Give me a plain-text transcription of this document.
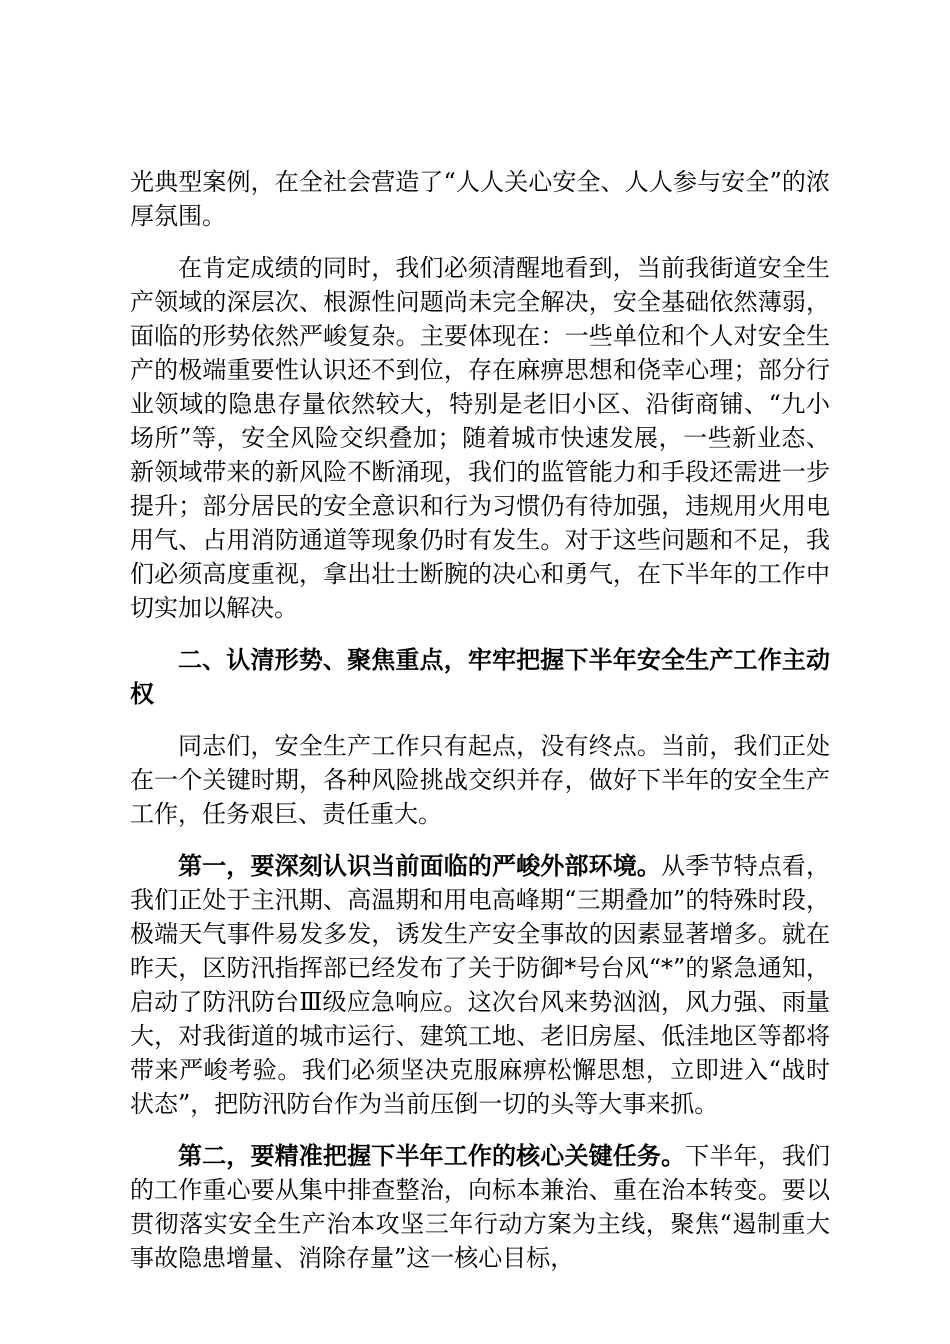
光典型案例，在全社会营造了“人人关心安全、人人参与安全”的浓厚氛围。

在肯定成绩的同时，我们必须清醒地看到，当前我街道安全生产领域的深层次、根源性问题尚未完全解决，安全基础依然薄弱，面临的形势依然严峻复杂。主要体现在：一些单位和个人对安全生产的极端重要性认识还不到位，存在麻痹思想和侥幸心理；部分行业领域的隐患存量依然较大，特别是老旧小区、沿街商铺、“九小场所”等，安全风险交织叠加；随着城市快速发展，一些新业态、新领域带来的新风险不断涌现，我们的监管能力和手段还需进一步提升；部分居民的安全意识和行为习惯仍有待加强，违规用火用电用气、占用消防通道等现象仍时有发生。对于这些问题和不足，我们必须高度重视，拿出壮士断腕的决心和勇气，在下半年的工作中切实加以解决。

二、认清形势、聚焦重点，牢牢把握下半年安全生产工作主动权

同志们，安全生产工作只有起点，没有终点。当前，我们正处在一个关键时期，各种风险挑战交织并存，做好下半年的安全生产工作，任务艰巨、责任重大。

第一，要深刻认识当前面临的严峻外部环境。从季节特点看，我们正处于主汛期、高温期和用电高峰期“三期叠加”的特殊时段，极端天气事件易发多发，诱发生产安全事故的因素显著增多。就在昨天，区防汛指挥部已经发布了关于防御*号台风“*”的紧急通知，启动了防汛防台Ⅲ级应急响应。这次台风来势汹汹，风力强、雨量大，对我街道的城市运行、建筑工地、老旧房屋、低洼地区等都将带来严峻考验。我们必须坚决克服麻痹松懈思想，立即进入“战时状态”，把防汛防台作为当前压倒一切的头等大事来抓。

第二，要精准把握下半年工作的核心关键任务。下半年，我们的工作重心要从集中排查整治，向标本兼治、重在治本转变。要以贯彻落实安全生产治本攻坚三年行动方案为主线，聚焦“遏制重大事故隐患增量、消除存量”这一核心目标，
